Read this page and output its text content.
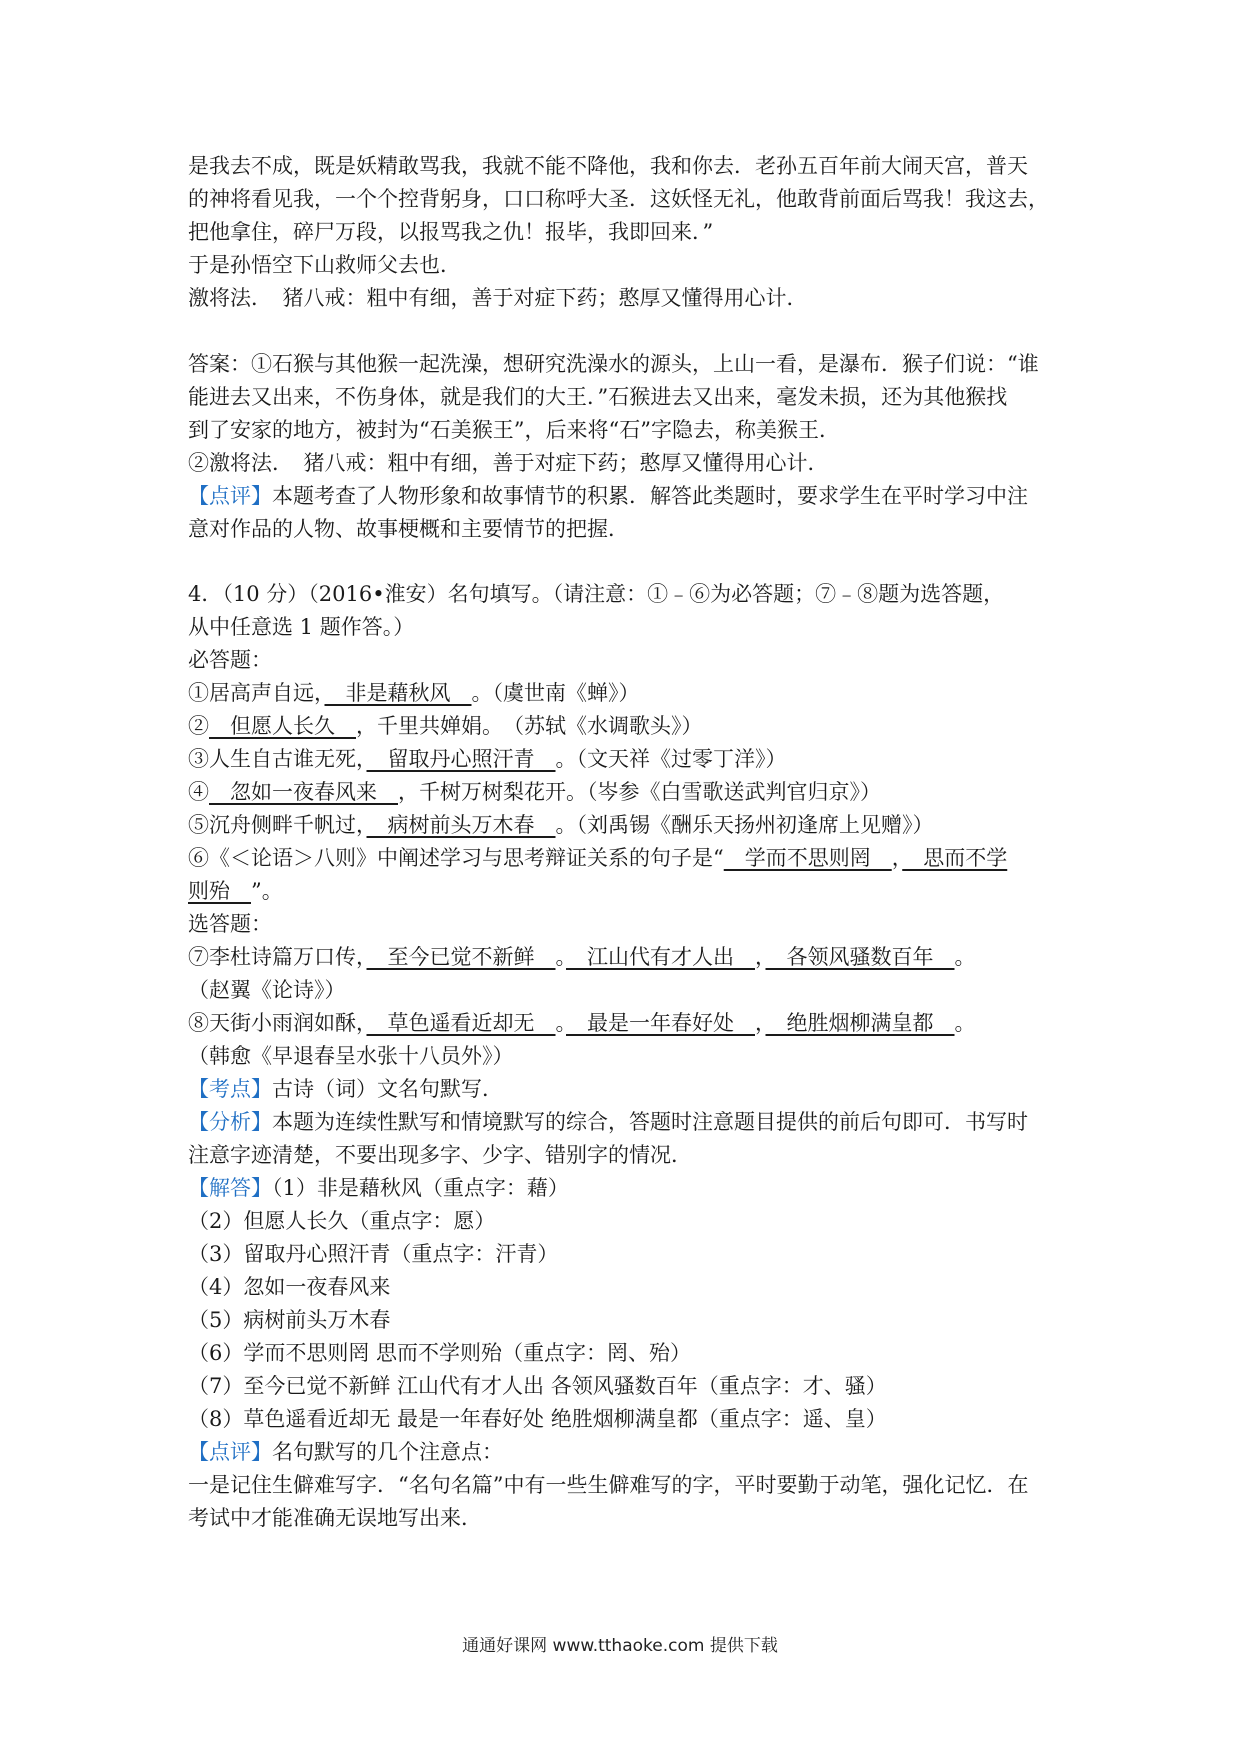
是我去不成，既是妖精敢骂我，我就不能不降他，我和你去．老孙五百年前大闹天宫，普天
的神将看见我，一个个控背躬身，口口称呼大圣．这妖怪无礼，他敢背前面后骂我！我这去，
把他拿住，碎尸万段，以报骂我之仇！报毕，我即回来．”
于是孙悟空下山救师父去也．
激将法．　猪八戒：粗中有细，善于对症下药；憨厚又懂得用心计．
答案：①石猴与其他猴一起洗澡，想研究洗澡水的源头，上山一看，是瀑布．猴子们说：“谁
能进去又出来，不伤身体，就是我们的大王．”石猴进去又出来，毫发未损，还为其他猴找
到了安家的地方，被封为“石美猴王”，后来将“石”字隐去，称美猴王．
②激将法．　猪八戒：粗中有细，善于对症下药；憨厚又懂得用心计．
【点评】本题考查了人物形象和故事情节的积累．解答此类题时，要求学生在平时学习中注
意对作品的人物、故事梗概和主要情节的把握．
4．（10 分）（2016•淮安）名句填写。（请注意：①﹣⑥为必答题；⑦﹣⑧题为选答题，
从中任意选 1 题作答。）
必答题：
①居高声自远，　非是藉秋风　。（虞世南《蝉》）
②　但愿人长久　，千里共婵娟。　（苏轼《水调歌头》）
③人生自古谁无死，　留取丹心照汗青　。（文天祥《过零丁洋》）
④　忽如一夜春风来　，千树万树梨花开。（岑参《白雪歌送武判官归京》）
⑤沉舟侧畔千帆过，　病树前头万木春　。（刘禹锡《酬乐天扬州初逢席上见赠》）
⑥《＜论语＞八则》中阐述学习与思考辩证关系的句子是“　学而不思则罔　，　思而不学
则殆　”。
选答题：
⑦李杜诗篇万口传，　至今已觉不新鲜　。　江山代有才人出　，　各领风骚数百年　。
（赵翼《论诗》）
⑧天街小雨润如酥，　草色遥看近却无　。　最是一年春好处　，　绝胜烟柳满皇都　。
（韩愈《早退春呈水张十八员外》）
【考点】古诗（词）文名句默写．
【分析】本题为连续性默写和情境默写的综合，答题时注意题目提供的前后句即可．书写时
注意字迹清楚，不要出现多字、少字、错别字的情况．
【解答】（1）非是藉秋风（重点字：藉）
（2）但愿人长久（重点字：愿）
（3）留取丹心照汗青（重点字：汗青）
（4）忽如一夜春风来
（5）病树前头万木春
（6）学而不思则罔 思而不学则殆（重点字：罔、殆）
（7）至今已觉不新鲜 江山代有才人出 各领风骚数百年（重点字：才、骚）
（8）草色遥看近却无 最是一年春好处 绝胜烟柳满皇都（重点字：遥、皇）
【点评】名句默写的几个注意点：
一是记住生僻难写字．“名句名篇”中有一些生僻难写的字，平时要勤于动笔，强化记忆．在
考试中才能准确无误地写出来．
通通好课网 www.tthaoke.com 提供下载
